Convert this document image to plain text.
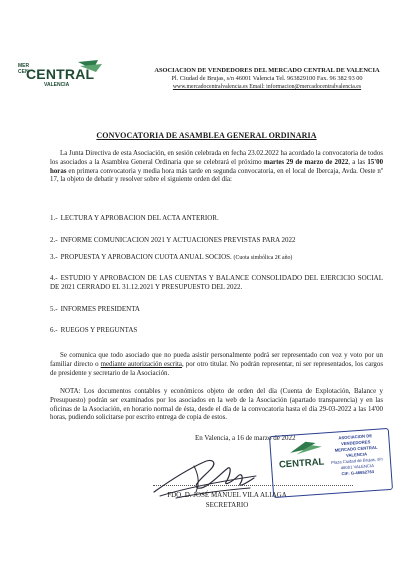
MER CEN
CENTRAL
VALENCIA
ASOCIACION DE VENDEDORES DEL MERCADO CENTRAL DE VALENCIA
Pl. Ciudad de Brujas, s/n 46001 Valencia Tel. 963829100 Fax. 96 382 93 00
www.mercadocentralvalencia.es Email: informacion@mercadocentralvalencia.es
CONVOCATORIA DE ASAMBLEA GENERAL ORDINARIA
La Junta Directiva de esta Asociación, en sesión celebrada en fecha 23.02.2022 ha acordado la convocatoria de todos los asociados a la Asamblea General Ordinaria que se celebrará el próximo martes 29 de marzo de 2022, a las 15'00 horas en primera convocatoria y media hora más tarde en segunda convocatoria, en el local de Ibercaja, Avda. Oeste nº 17, la objeto de debatir y resolver sobre el siguiente orden del día:
1.- LECTURA Y APROBACION DEL ACTA ANTERIOR.
2.- INFORME COMUNICACION 2021 Y ACTUACIONES PREVISTAS PARA 2022
3.- PROPUESTA Y APROBACION CUOTA ANUAL SOCIOS. (Cuota simbólica 2€ año)
4.- ESTUDIO Y APROBACION DE LAS CUENTAS Y BALANCE CONSOLIDADO DEL EJERCICIO SOCIAL DE 2021 CERRADO EL 31.12.2021 Y PRESUPUESTO DEL 2022.
5.- INFORMES PRESIDENTA
6.- RUEGOS Y PREGUNTAS
Se comunica que todo asociado que no pueda asistir personalmente podrá ser representado con voz y voto por un familiar directo o mediante autorización escrita, por otro titular. No podrán representar, ni ser representados, los cargos de presidente y secretario de la Asociación.
NOTA: Los documentos contables y económicos objeto de orden del día (Cuenta de Explotación, Balance y Presupuesto) podrán ser examinados por los asociados en la web de la Asociación (apartado transparencia) y en las oficinas de la Asociación, en horario normal de ésta, desde el día de la convocatoria hasta el día 29-03-2022 a las 14'00 horas, pudiendo solicitarse por escrito entrega de copia de estos.
En Valencia, a 16 de marzo de 2022
FDO. D. JOSÉ MANUEL VILA ALIAGA
SECRETARIO
CENTRAL
ASOCIACION DE VENDEDORES
MERCADO CENTRAL VALENCIA
Plaza Ciudad de Brujas, s/n
46001 VALENCIA
CIF: G-46652764
